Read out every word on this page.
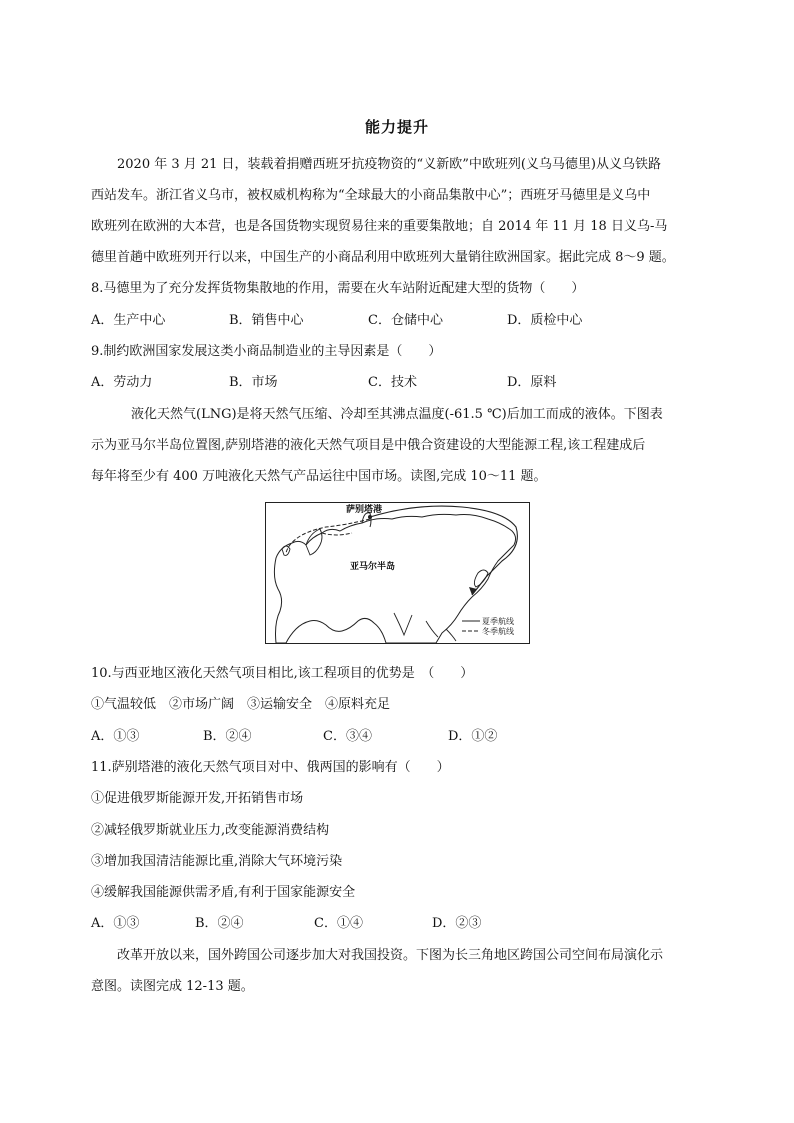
能力提升
2020 年 3 月 21 日，装载着捐赠西班牙抗疫物资的“义新欧”中欧班列(义乌马德里)从义乌铁路
西站发车。浙江省义乌市，被权威机构称为“全球最大的小商品集散中心”；西班牙马德里是义乌中
欧班列在欧洲的大本营，也是各国货物实现贸易往来的重要集散地；自 2014 年 11 月 18 日义乌-马
德里首趟中欧班列开行以来，中国生产的小商品利用中欧班列大量销往欧洲国家。据此完成 8～9 题。
8.马德里为了充分发挥货物集散地的作用，需要在火车站附近配建大型的货物（　　）
A．生产中心	B．销售中心	C．仓储中心	D．质检中心
9.制约欧洲国家发展这类小商品制造业的主导因素是（　　）
A．劳动力	B．市场	C．技术	D．原料
液化天然气(LNG)是将天然气压缩、冷却至其沸点温度(-61.5 ℃)后加工而成的液体。下图表
示为亚马尔半岛位置图,萨别塔港的液化天然气项目是中俄合资建设的大型能源工程,该工程建成后
每年将至少有 400 万吨液化天然气产品运往中国市场。读图,完成 10～11 题。
萨别塔港
亚马尔半岛
夏季航线
冬季航线
10.与西亚地区液化天然气项目相比,该工程项目的优势是　（　　）
①气温较低　②市场广阔　③运输安全　④原料充足
A．①③	B．②④	C．③④	D．①②
11.萨别塔港的液化天然气项目对中、俄两国的影响有（　　）
①促进俄罗斯能源开发,开拓销售市场
②减轻俄罗斯就业压力,改变能源消费结构
③增加我国清洁能源比重,消除大气环境污染
④缓解我国能源供需矛盾,有利于国家能源安全
A．①③	B．②④	C．①④	D．②③
改革开放以来，国外跨国公司逐步加大对我国投资。下图为长三角地区跨国公司空间布局演化示
意图。读图完成 12-13 题。
